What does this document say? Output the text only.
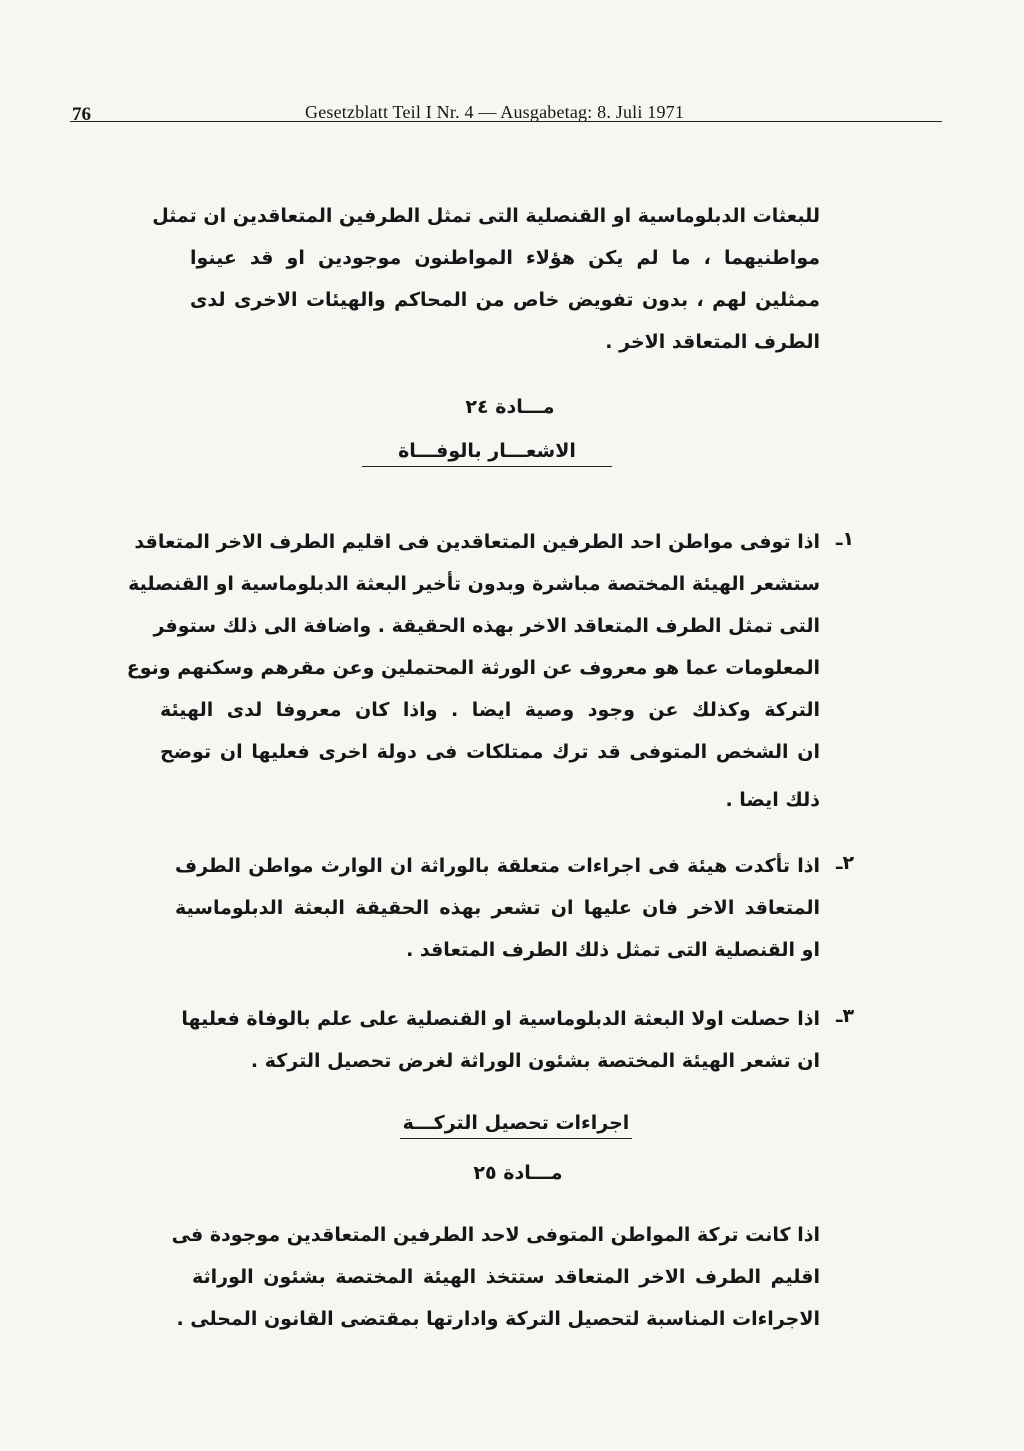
76	Gesetzblatt Teil I Nr. 4 — Ausgabetag: 8. Juli 1971
للبعثات الدبلوماسية او القنصلية التى تمثل الطرفين المتعاقدين ان تمثل
مواطنيهما ، ما لم يكن هؤلاء المواطنون موجودين او قد عينوا
ممثلين لهم ، بدون تفويض خاص من المحاكم والهيئات الاخرى لدى
الطرف المتعاقد الاخر .
مـــادة ٢٤
الاشعـــار بالوفـــاة
١ـ
اذا توفى مواطن احد الطرفين المتعاقدين فى اقليم الطرف الاخر المتعاقد
ستشعر الهيئة المختصة مباشرة وبدون تأخير البعثة الدبلوماسية او القنصلية
التى تمثل الطرف المتعاقد الاخر بهذه الحقيقة . واضافة الى ذلك ستوفر
المعلومات عما هو معروف عن الورثة المحتملين وعن مقرهم وسكنهم ونوع
التركة وكذلك عن وجود وصية ايضا . واذا كان معروفا لدى الهيئة
ان الشخص المتوفى قد ترك ممتلكات فى دولة اخرى فعليها ان توضح
ذلك ايضا .
٢ـ
اذا تأكدت هيئة فى اجراءات متعلقة بالوراثة ان الوارث مواطن الطرف
المتعاقد الاخر فان عليها ان تشعر بهذه الحقيقة البعثة الدبلوماسية
او القنصلية التى تمثل ذلك الطرف المتعاقد .
٣ـ
اذا حصلت اولا البعثة الدبلوماسية او القنصلية على علم بالوفاة فعليها
ان تشعر الهيئة المختصة بشئون الوراثة لغرض تحصيل التركة .
اجراءات تحصيل التركـــة
مـــادة ٢٥
اذا كانت تركة المواطن المتوفى لاحد الطرفين المتعاقدين موجودة فى
اقليم الطرف الاخر المتعاقد ستتخذ الهيئة المختصة بشئون الوراثة
الاجراءات المناسبة لتحصيل التركة وادارتها بمقتضى القانون المحلى .
